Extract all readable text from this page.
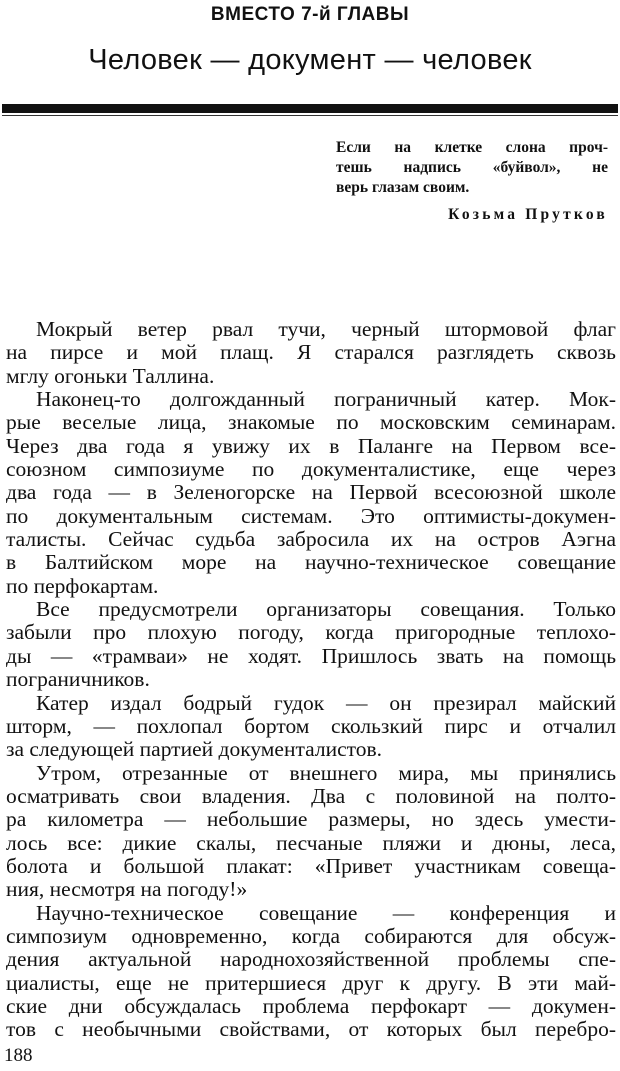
ВМЕСТО 7-й ГЛАВЫ
Человек — документ — человек
Если на клетке слона проч-
тешь надпись «буйвол», не
верь глазам своим.
Козьма Прутков
Мокрый ветер рвал тучи, черный штормовой флаг
на пирсе и мой плащ. Я старался разглядеть сквозь
мглу огоньки Таллина.
Наконец-то долгожданный пограничный катер. Мок-
рые веселые лица, знакомые по московским семинарам.
Через два года я увижу их в Паланге на Первом все-
союзном симпозиуме по документалистике, еще через
два года — в Зеленогорске на Первой всесоюзной школе
по документальным системам. Это оптимисты-докумен-
талисты. Сейчас судьба забросила их на остров Аэгна
в Балтийском море на научно-техническое совещание
по перфокартам.
Все предусмотрели организаторы совещания. Только
забыли про плохую погоду, когда пригородные теплохо-
ды — «трамваи» не ходят. Пришлось звать на помощь
пограничников.
Катер издал бодрый гудок — он презирал майский
шторм, — похлопал бортом скользкий пирс и отчалил
за следующей партией документалистов.
Утром, отрезанные от внешнего мира, мы принялись
осматривать свои владения. Два с половиной на полто-
ра километра — небольшие размеры, но здесь умести-
лось все: дикие скалы, песчаные пляжи и дюны, леса,
болота и большой плакат: «Привет участникам совеща-
ния, несмотря на погоду!»
Научно-техническое совещание — конференция и
симпозиум одновременно, когда собираются для обсуж-
дения актуальной народнохозяйственной проблемы спе-
циалисты, еще не притершиеся друг к другу. В эти май-
ские дни обсуждалась проблема перфокарт — докумен-
тов с необычными свойствами, от которых был перебро-
188
